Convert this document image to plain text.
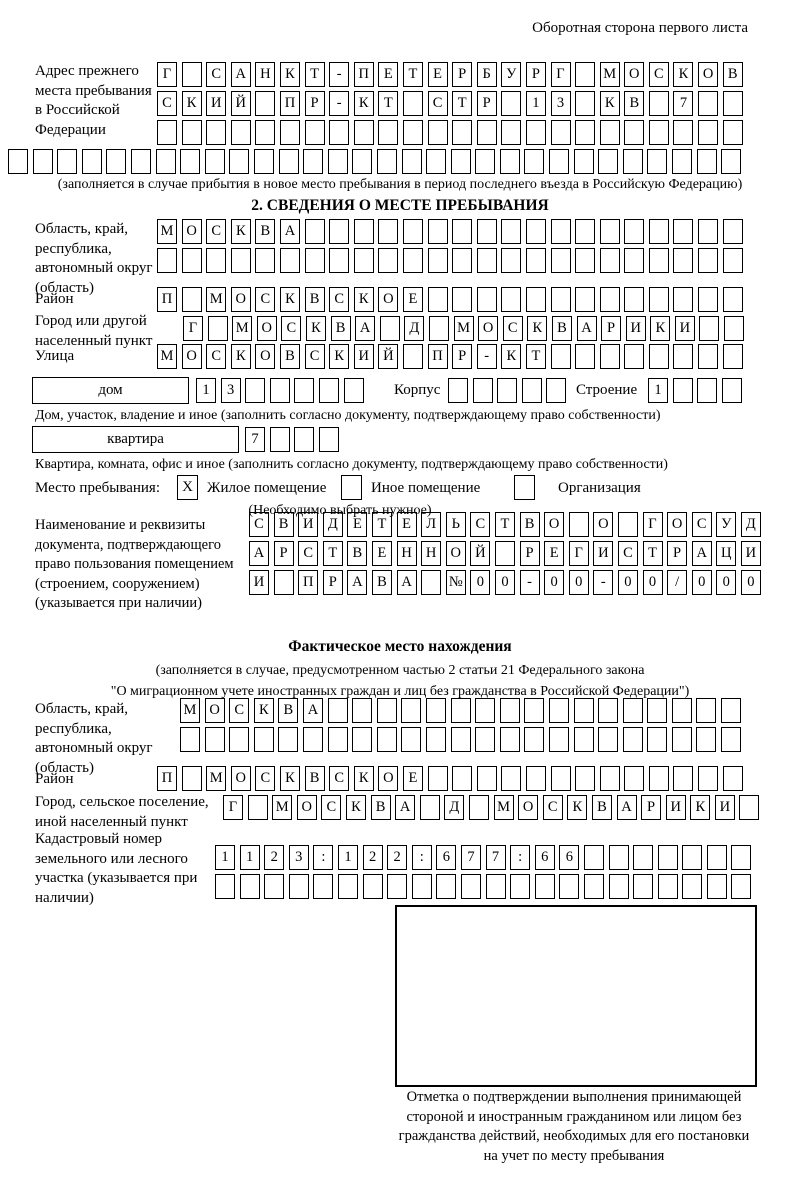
Оборотная сторона первого листа
Адрес прежнего места пребывания в Российской Федерации
Г	С	А Н	К	Т	-	П	Е	Т	Е	Р	Б	У	Р	Г	М О	С	К	О	В
С	К	И Й	П	Р	-	К	Т	С	Т	Р	1	3	К	В	7
(заполняется в случае прибытия в новое место пребывания в период последнего въезда в Российскую Федерацию)
2. СВЕДЕНИЯ О МЕСТЕ ПРЕБЫВАНИЯ
Область, край, республика, автономный округ (область)
М О	С	К	В	А
Район	П	М О	С	К	В	С	К	О	Е
Город или другой населенный пункт
Г	М О	С	К	В	А	Д	М О	С	К	В	А	Р	И	К	И
Улица	М О	С	К	О	В	С	К	И Й	П	Р	-	К	Т
дом	1	3	Корпус	Строение	1
Дом, участок, владение и иное (заполнить согласно документу, подтверждающему право собственности)
квартира	7
Квартира, комната, офис и иное (заполнить согласно документу, подтверждающему право собственности)
Место пребывания:	X Жилое помещение	Иное помещение	Организация
(Необходимо выбрать нужное)
Наименование и реквизиты документа, подтверждающего право пользования помещением (строением, сооружением) (указывается при наличии)
С	В	И Д	Е	Т	Е	Л	Ь	С	Т	В	О	О	Г	О	С	У	Д
А	Р	С	Т	В	Е	Н Н О Й	Р	Е	Г	И	С	Т	Р	А Ц И
И	П	Р	А	В	А	№ 0	0	-	0	0	-	0	0	/	0	0	0
Фактическое место нахождения
(заполняется в случае, предусмотренном частью 2 статьи 21 Федерального закона
"О миграционном учете иностранных граждан и лиц без гражданства в Российской Федерации")
Область, край, республика, автономный округ (область)
М О	С	К	В	А
Район	П	М О	С	К	В	С	К	О	Е
Город, сельское поселение, иной населенный пункт
Г	М О	С	К	В	А	Д	М О	С	К	В	А	Р	И	К	И
Кадастровый номер земельного или лесного участка (указывается при наличии)
1	1	2	3	:	1	2	2	:	6	7	7	:	6	6
Отметка о подтверждении выполнения принимающей
стороной и иностранным гражданином или лицом без
гражданства действий, необходимых для его постановки
на учет по месту пребывания
